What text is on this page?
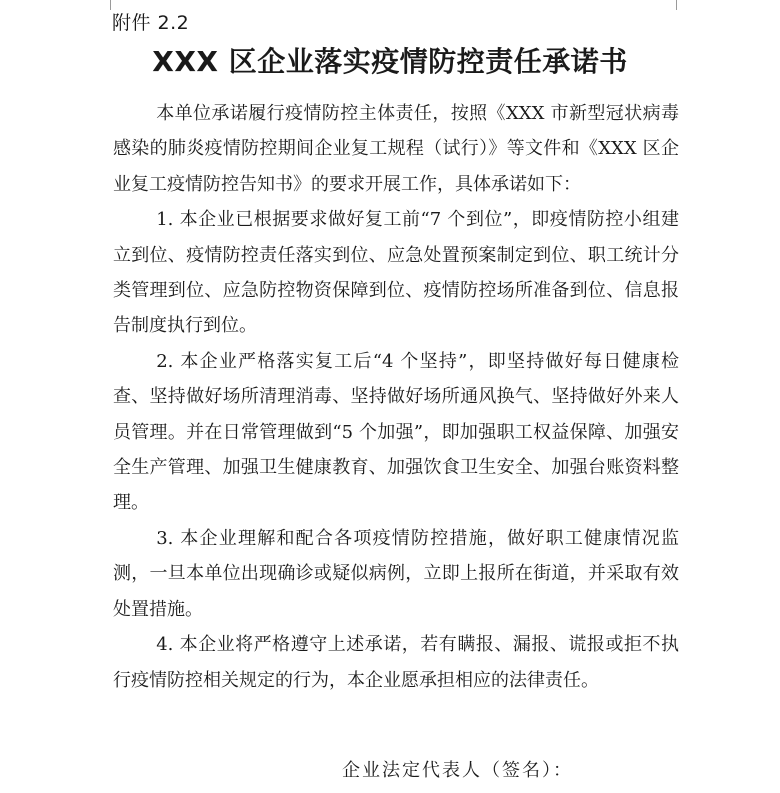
附件 2.2
XXX 区企业落实疫情防控责任承诺书

本单位承诺履行疫情防控主体责任，按照《XXX 市新型冠状病毒感染的肺炎疫情防控期间企业复工规程（试行）》等文件和《XXX 区企业复工疫情防控告知书》的要求开展工作，具体承诺如下：

1. 本企业已根据要求做好复工前“7 个到位”，即疫情防控小组建立到位、疫情防控责任落实到位、应急处置预案制定到位、职工统计分类管理到位、应急防控物资保障到位、疫情防控场所准备到位、信息报告制度执行到位。

2. 本企业严格落实复工后“4 个坚持”，即坚持做好每日健康检查、坚持做好场所清理消毒、坚持做好场所通风换气、坚持做好外来人员管理。并在日常管理做到“5 个加强”，即加强职工权益保障、加强安全生产管理、加强卫生健康教育、加强饮食卫生安全、加强台账资料整理。

3. 本企业理解和配合各项疫情防控措施，做好职工健康情况监测，一旦本单位出现确诊或疑似病例，立即上报所在街道，并采取有效处置措施。

4. 本企业将严格遵守上述承诺，若有瞒报、漏报、谎报或拒不执行疫情防控相关规定的行为，本企业愿承担相应的法律责任。

企业法定代表人（签名）：
